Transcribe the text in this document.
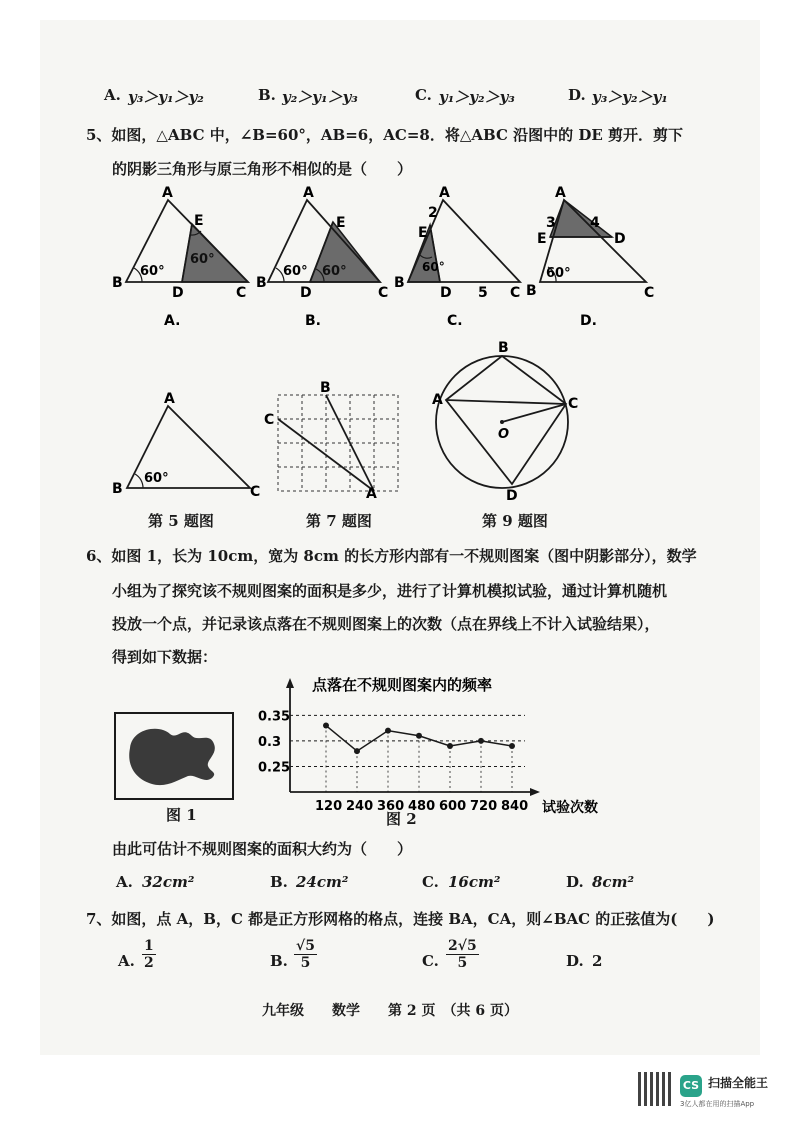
A. y₃＞y₁＞y₂	B. y₂＞y₁＞y₃	C. y₁＞y₂＞y₃	D. y₃＞y₂＞y₁
5、如图，△ABC 中，∠B=60°，AB=6，AC=8．将△ABC 沿图中的 DE 剪开．剪下
的阴影三角形与原三角形不相似的是（　　）
A
B
C
D
E
60°
60°
A.
A
B
C
D
E
60° 60°
B.
A
B
C
D
E
60°
2
5
C.
A
B	C
D
E
60°
3 4
D.
A
B	C
60°
B
C
A
A
B
C
D
O
第 5 题图	第 7 题图	第 9 题图
6、如图 1，长为 10cm，宽为 8cm 的长方形内部有一不规则图案（图中阴影部分），数学
小组为了探究该不规则图案的面积是多少，进行了计算机模拟试验，通过计算机随机
投放一个点，并记录该点落在不规则图案上的次数（点在界线上不计入试验结果），
得到如下数据：
图 1
点落在不规则图案内的频率
0.25
0.3
0.35
120 240 360 480 600 720 840 试验次数
图 2
由此可估计不规则图案的面积大约为（　　）
A. 32cm²	B. 24cm²	C. 16cm²	D. 8cm²
7、如图，点 A，B，C 都是正方形网格的格点，连接 BA，CA，则∠BAC 的正弦值为(　　)
A. $\frac{1}{2}$	B. $\frac{√5}{5}$	C. $\frac{2√5}{5}$	D. 2
九年级　　数学　　第 2 页　（共 6 页）
CS 扫描全能王
3亿人都在用的扫描App
